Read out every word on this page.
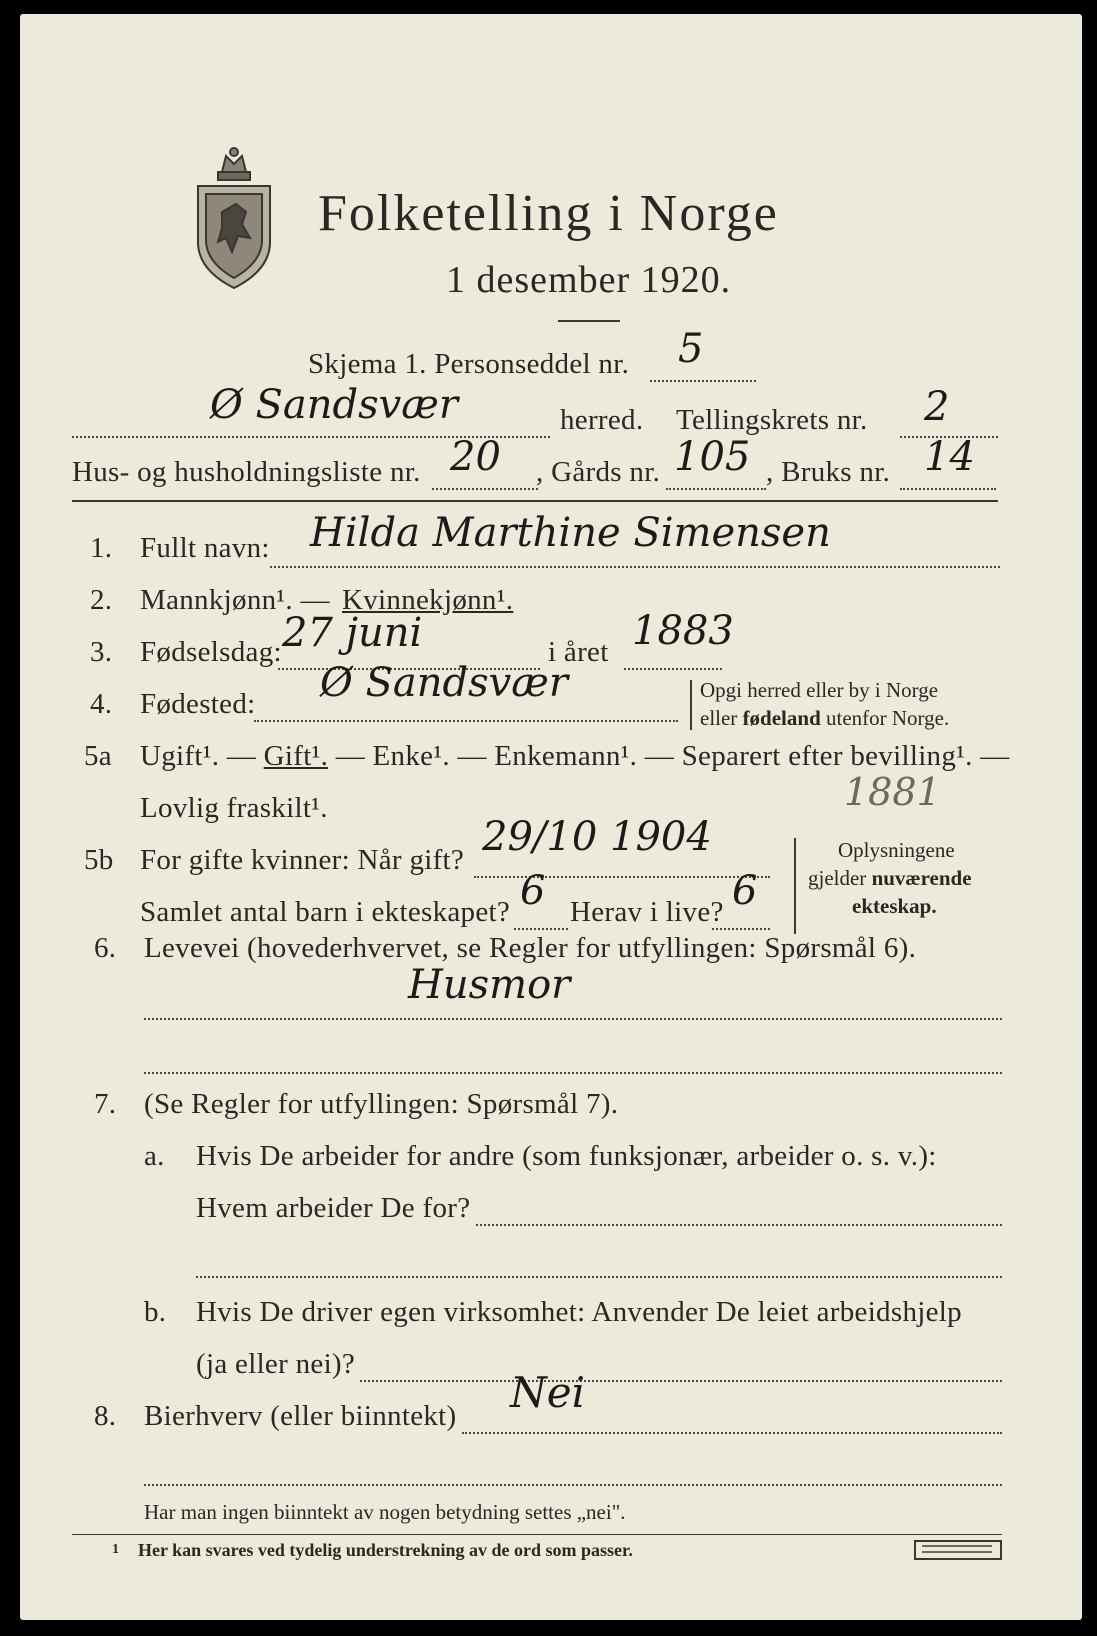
Folketelling i Norge
1 desember 1920.
Skjema 1. Personseddel nr. 5
Ø Sandsvær	herred. Tellingskrets nr. 2
Hus- og husholdningsliste nr. 20 , Gårds nr. 105 , Bruks nr. 14
1. Fullt navn: Hilda Marthine Simensen
2. Mannkjønn¹. — Kvinnekjønn¹.
3. Fødselsdag: 27 juni	i året 1883
4. Fødested: Ø Sandsvær	Opgi herred eller by i Norge
eller fødeland utenfor Norge.
5a Ugift¹. — Gift¹. — Enke¹. — Enkemann¹. — Separert efter bevilling¹. —
Lovlig fraskilt¹.	1881
5b For gifte kvinner: Når gift? 29/10 1904
Samlet antal barn i ekteskapet? 6 Herav i live? 6
Oplysningene
gjelder nuværende
ekteskap.
6. Levevei (hovederhvervet, se Regler for utfyllingen: Spørsmål 6).
Husmor
7. (Se Regler for utfyllingen: Spørsmål 7).
a. Hvis De arbeider for andre (som funksjonær, arbeider o. s. v.):
Hvem arbeider De for?
b. Hvis De driver egen virksomhet: Anvender De leiet arbeidshjelp
(ja eller nei)?
8. Bierhverv (eller biinntekt) Nei
Har man ingen biinntekt av nogen betydning settes „nei".
1 Her kan svares ved tydelig understrekning av de ord som passer.
